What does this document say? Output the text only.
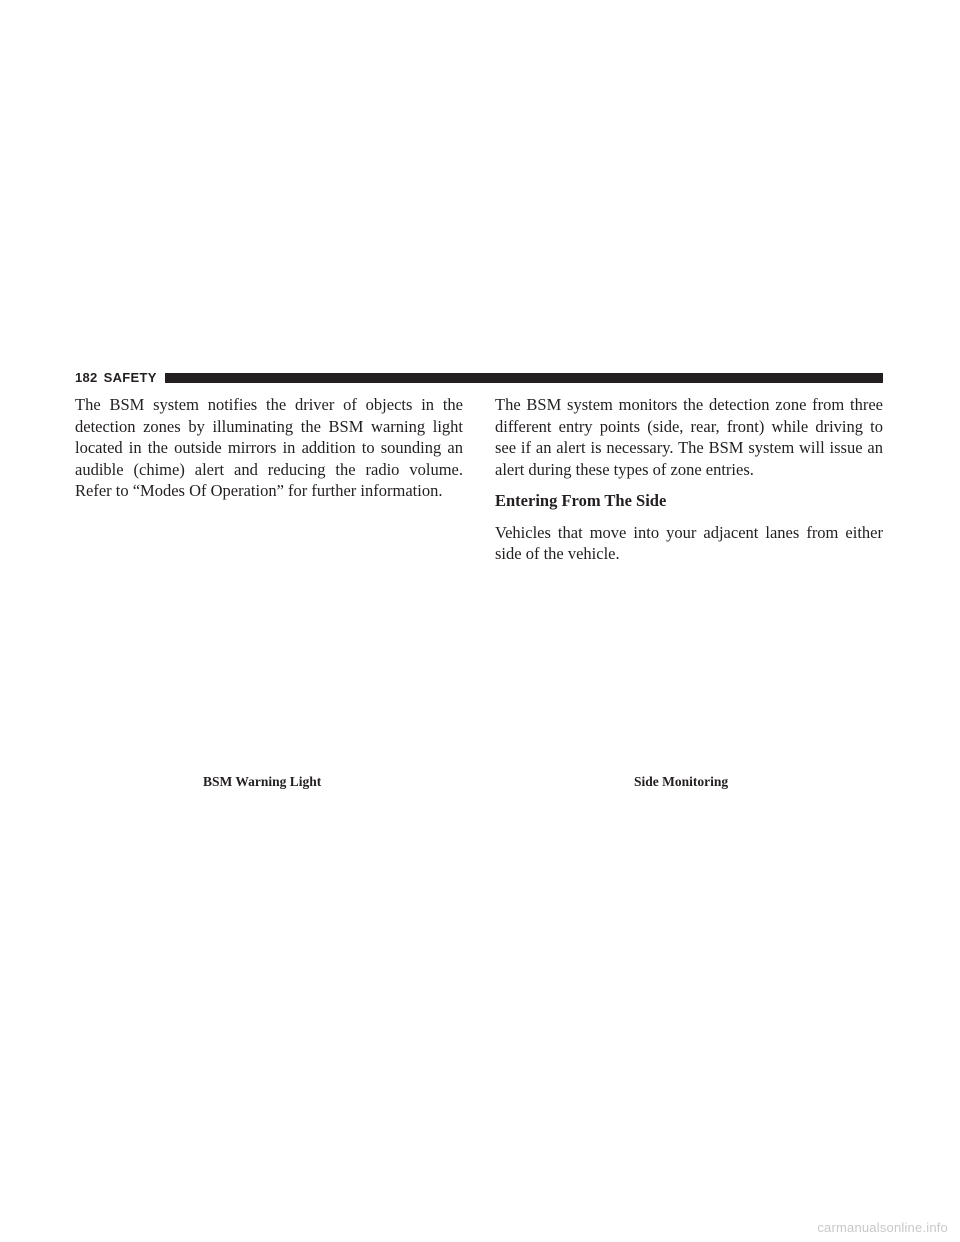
182 SAFETY

The BSM system notifies the driver of objects in the detection zones by illuminating the BSM warning light located in the outside mirrors in addition to sounding an audible (chime) alert and reducing the radio volume. Refer to “Modes Of Operation” for further information.

The BSM system monitors the detection zone from three different entry points (side, rear, front) while driving to see if an alert is necessary. The BSM system will issue an alert during these types of zone entries.

Entering From The Side

Vehicles that move into your adjacent lanes from either side of the vehicle.

BSM Warning Light	Side Monitoring
carmanualsonline.info
